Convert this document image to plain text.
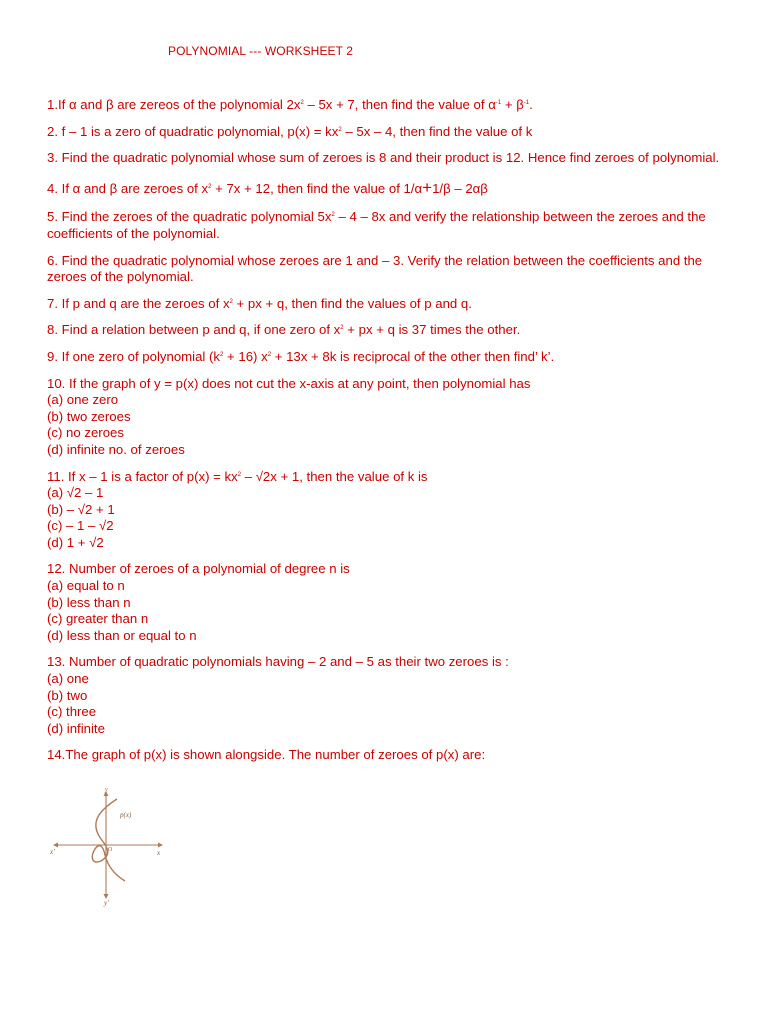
POLYNOMIAL --- WORKSHEET 2

1.If α and β are zereos of the polynomial $2x^2 - 5x + 7$, then find the value of $\alpha^{-1} + \beta^{-1}$.

2. f – 1 is a zero of quadratic polynomial, $p(x) = kx^2 - 5x - 4$, then find the value of k

3. Find the quadratic polynomial whose sum of zeroes is 8 and their product is 12. Hence find zeroes of polynomial.

4. If α and β are zeroes of $x^2 + 7x + 12$, then find the value of 1/α+1/β – 2αβ

5. Find the zeroes of the quadratic polynomial $5x^2 - 4 - 8x$ and verify the relationship between the zeroes and the coefficients of the polynomial.

6. Find the quadratic polynomial whose zeroes are 1 and – 3. Verify the relation between the coefficients and the zeroes of the polynomial.

7. If p and q are the zeroes of $x^2$ + px + q, then find the values of p and q.

8. Find a relation between p and q, if one zero of $x^2$ + px + q is 37 times the other.

9. If one zero of polynomial $(k^2 + 16) x^2 + 13x + 8k$ is reciprocal of the other then find’ k’.

10. If the graph of y = p(x) does not cut the x-axis at any point, then polynomial has

(a) one zero

(b) two zeroes

(c) no zeroes

(d) infinite no. of zeroes

11. If x – 1 is a factor of $p(x) = kx^2 - √2x + 1$, then the value of k is

(a) √2 – 1

(b) – √2 + 1

(c) – 1 – √2

(d) 1 + √2

12. Number of zeroes of a polynomial of degree n is

(a) equal to n

(b) less than n

(c) greater than n

(d) less than or equal to n

13. Number of quadratic polynomials having – 2 and – 5 as their two zeroes is :

(a) one

(b) two

(c) three

(d) infinite

14.The graph of p(x) is shown alongside. The number of zeroes of p(x) are:

p(x)
x
x'
y
y'
O
